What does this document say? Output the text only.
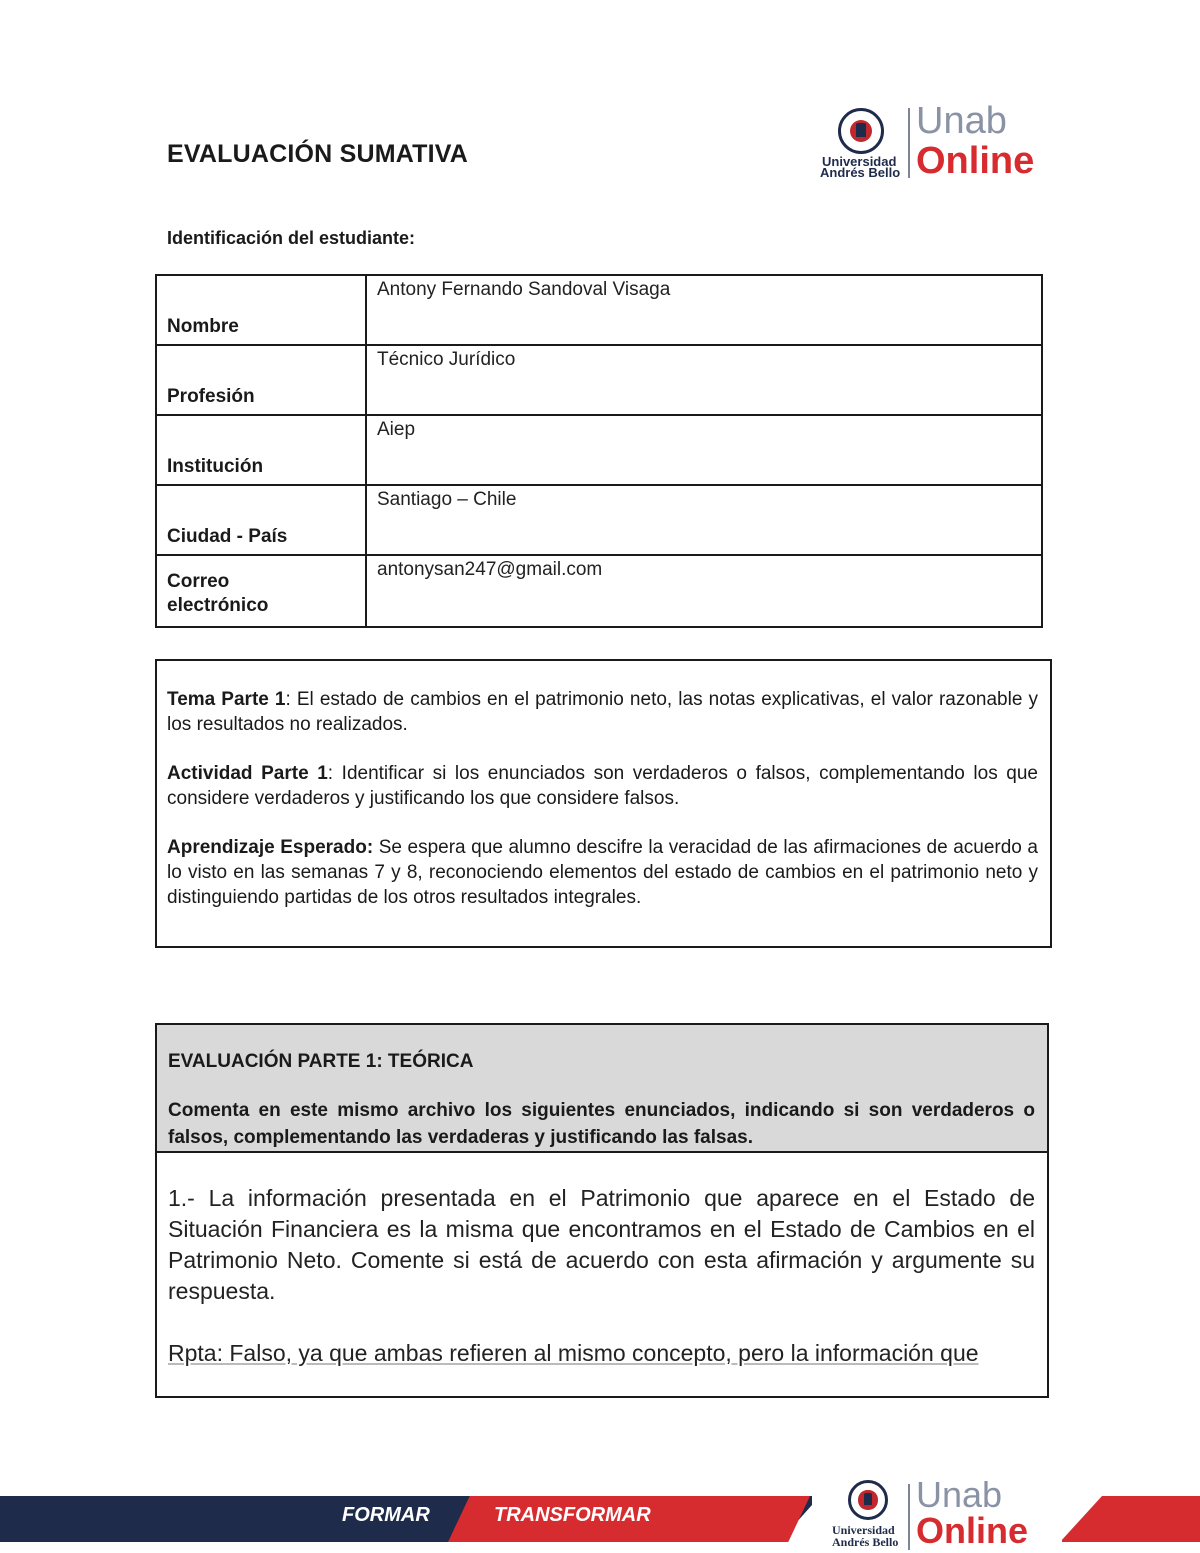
EVALUACIÓN SUMATIVA	Universidad
Andrés Bello
Unab
Online
Identificación del estudiante:
Nombre	Antony Fernando Sandoval Visaga
Profesión	Técnico Jurídico
Institución	Aiep
Ciudad - País	Santiago – Chile
Correo electrónico	antonysan247@gmail.com

Tema Parte 1: El estado de cambios en el patrimonio neto, las notas explicativas, el valor razonable y los resultados no realizados.

Actividad Parte 1: Identificar si los enunciados son verdaderos o falsos, complementando los que considere verdaderos y justificando los que considere falsos.

Aprendizaje Esperado: Se espera que alumno descifre la veracidad de las afirmaciones de acuerdo a lo visto en las semanas 7 y 8, reconociendo elementos del estado de cambios en el patrimonio neto y distinguiendo partidas de los otros resultados integrales.

EVALUACIÓN PARTE 1: TEÓRICA
Comenta en este mismo archivo los siguientes enunciados, indicando si son verdaderos o falsos, complementando las verdaderas y justificando las falsas.

1.- La información presentada en el Patrimonio que aparece en el Estado de Situación Financiera es la misma que encontramos en el Estado de Cambios en el Patrimonio Neto. Comente si está de acuerdo con esta afirmación y argumente su respuesta.

Rpta: Falso, ya que ambas refieren al mismo concepto, pero la información que

FORMAR	TRANSFORMAR
Universidad
Andrés Bello
Unab
Online
